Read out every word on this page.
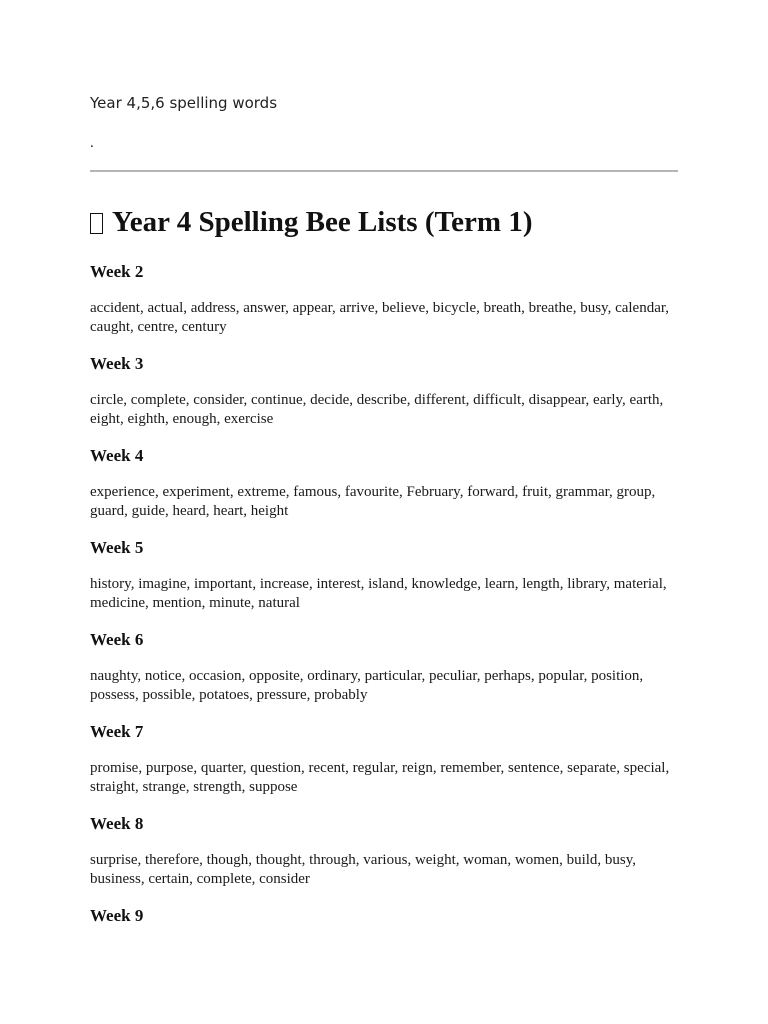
Year 4,5,6 spelling words
.
Year 4 Spelling Bee Lists (Term 1)

Week 2

accident, actual, address, answer, appear, arrive, believe, bicycle, breath, breathe, busy, calendar, caught, centre, century

Week 3

circle, complete, consider, continue, decide, describe, different, difficult, disappear, early, earth, eight, eighth, enough, exercise

Week 4

experience, experiment, extreme, famous, favourite, February, forward, fruit, grammar, group, guard, guide, heard, heart, height

Week 5

history, imagine, important, increase, interest, island, knowledge, learn, length, library, material, medicine, mention, minute, natural

Week 6

naughty, notice, occasion, opposite, ordinary, particular, peculiar, perhaps, popular, position, possess, possible, potatoes, pressure, probably

Week 7

promise, purpose, quarter, question, recent, regular, reign, remember, sentence, separate, special, straight, strange, strength, suppose

Week 8

surprise, therefore, though, thought, through, various, weight, woman, women, build, busy, business, certain, complete, consider

Week 9
